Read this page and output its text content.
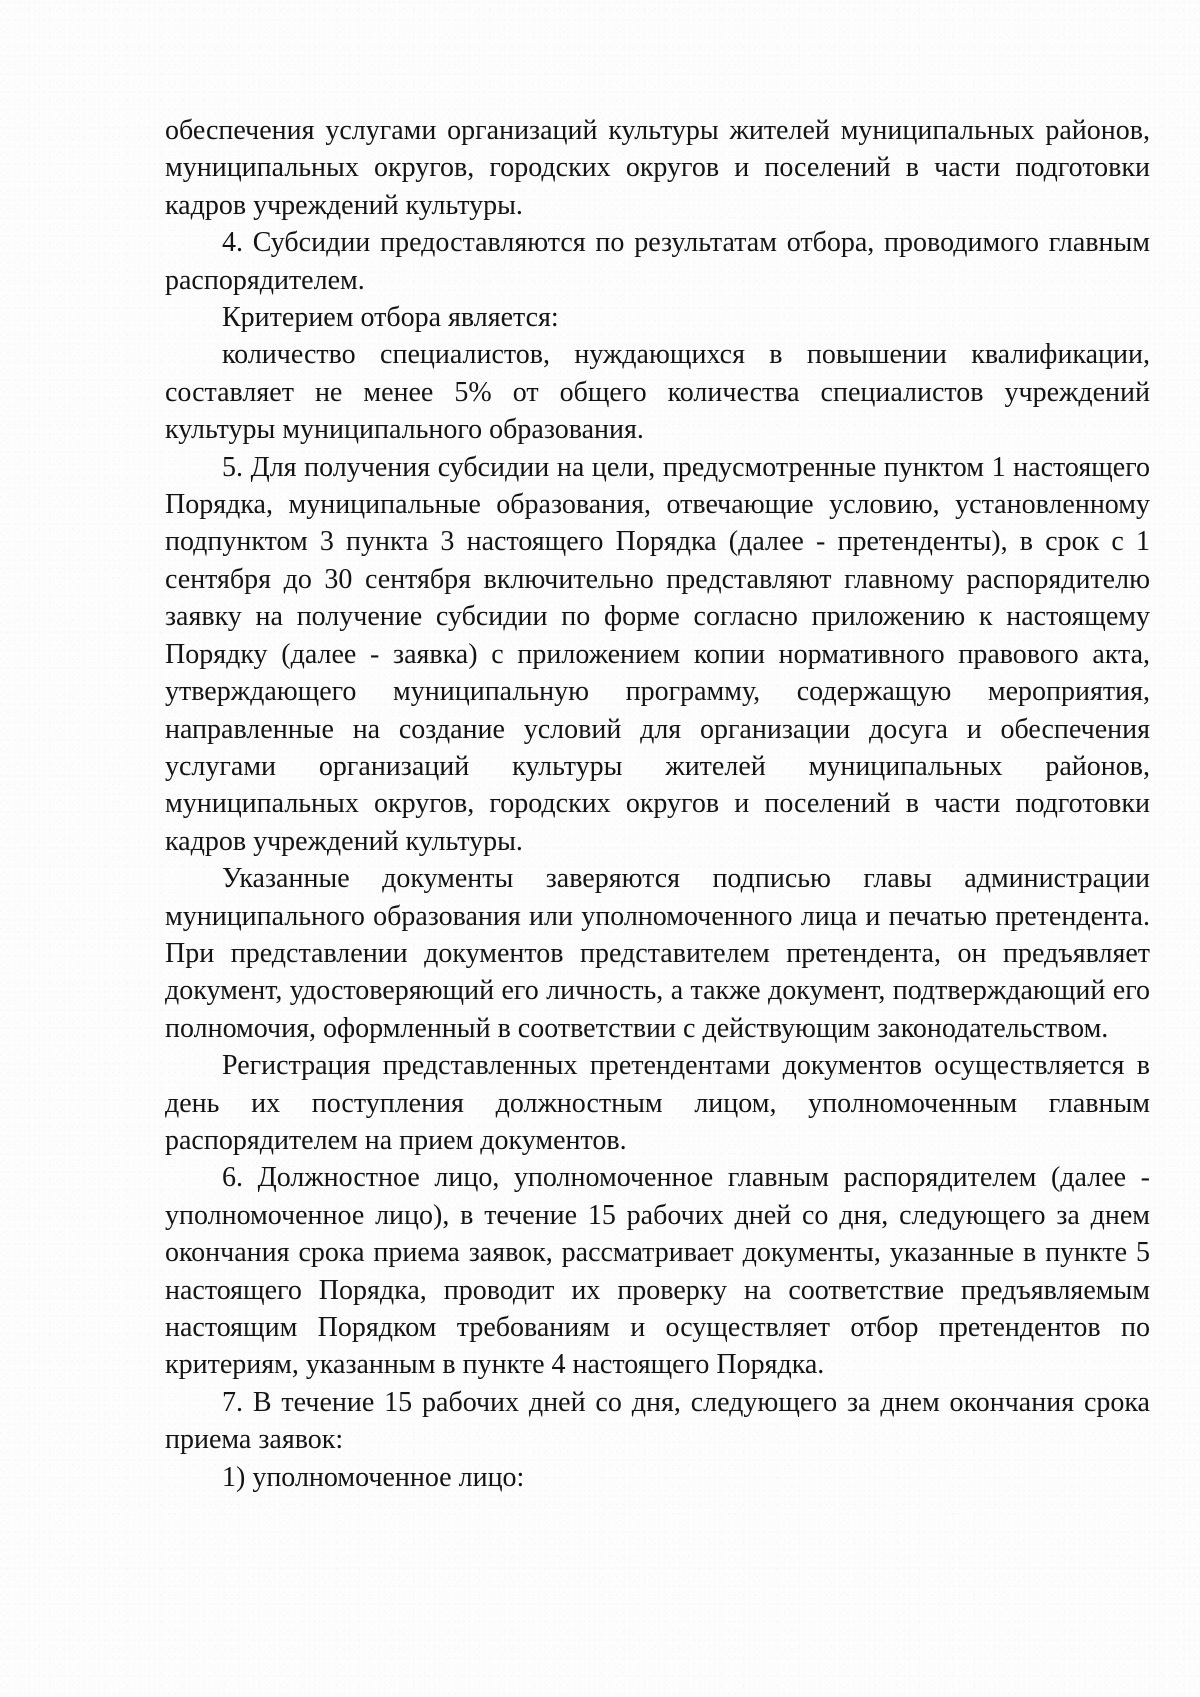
обеспечения услугами организаций культуры жителей муниципальных районов, муниципальных округов, городских округов и поселений в части подготовки кадров учреждений культуры.

4. Субсидии предоставляются по результатам отбора, проводимого главным распорядителем.

Критерием отбора является:

количество специалистов, нуждающихся в повышении квалификации, составляет не менее 5% от общего количества специалистов учреждений культуры муниципального образования.

5. Для получения субсидии на цели, предусмотренные пунктом 1 настоящего Порядка, муниципальные образования, отвечающие условию, установленному подпунктом 3 пункта 3 настоящего Порядка (далее - претенденты), в срок с 1 сентября до 30 сентября включительно представляют главному распорядителю заявку на получение субсидии по форме согласно приложению к настоящему Порядку (далее - заявка) с приложением копии нормативного правового акта, утверждающего муниципальную программу, содержащую мероприятия, направленные на создание условий для организации досуга и обеспечения услугами организаций культуры жителей муниципальных районов, муниципальных округов, городских округов и поселений в части подготовки кадров учреждений культуры.

Указанные документы заверяются подписью главы администрации муниципального образования или уполномоченного лица и печатью претендента. При представлении документов представителем претендента, он предъявляет документ, удостоверяющий его личность, а также документ, подтверждающий его полномочия, оформленный в соответствии с действующим законодательством.

Регистрация представленных претендентами документов осуществляется в день их поступления должностным лицом, уполномоченным главным распорядителем на прием документов.

6. Должностное лицо, уполномоченное главным распорядителем (далее - уполномоченное лицо), в течение 15 рабочих дней со дня, следующего за днем окончания срока приема заявок, рассматривает документы, указанные в пункте 5 настоящего Порядка, проводит их проверку на соответствие предъявляемым настоящим Порядком требованиям и осуществляет отбор претендентов по критериям, указанным в пункте 4 настоящего Порядка.

7. В течение 15 рабочих дней со дня, следующего за днем окончания срока приема заявок:

1) уполномоченное лицо:
